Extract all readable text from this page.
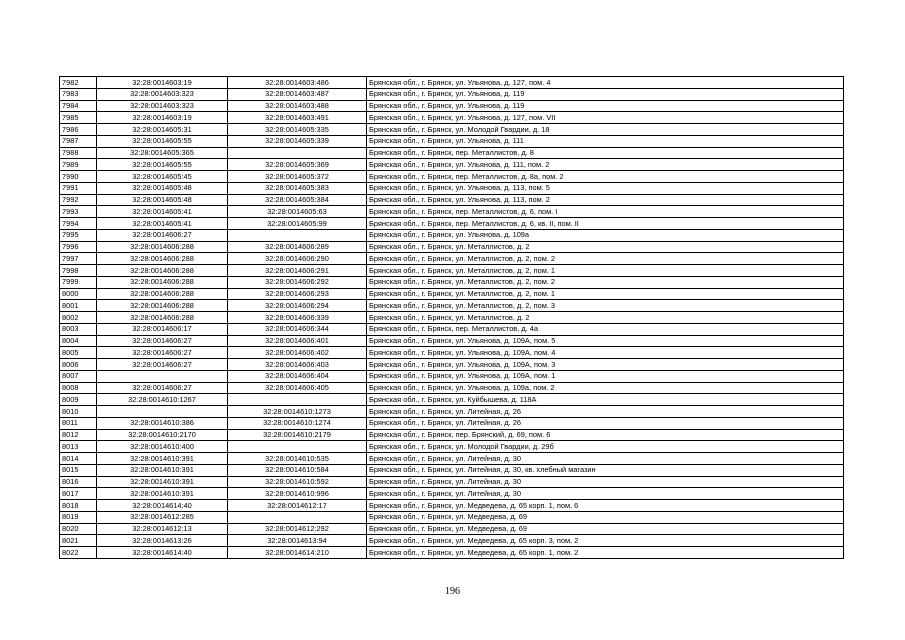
7982	32:28:0014603:19	32:28:0014603:486	Брянская обл., г. Брянск, ул. Ульянова, д. 127, пом. 4
7983	32:28:0014603:323	32:28:0014603:487	Брянская обл., г. Брянск, ул. Ульянова, д. 119
7984	32:28:0014603:323	32:28:0014603:488	Брянская обл., г. Брянск, ул. Ульянова, д. 119
7985	32:28:0014603:19	32:28:0014603:491	Брянская обл., г. Брянск, ул. Ульянова, д. 127, пом. VII
7986	32:28:0014605:31	32:28:0014605:335	Брянская обл., г. Брянск, ул. Молодой Гвардии, д. 18
7987	32:28:0014605:55	32:28:0014605:339	Брянская обл., г. Брянск, ул. Ульянова, д. 111
7988	32:28:0014605:365		Брянская обл., г. Брянск, пер. Металлистов, д. 8
7989	32:28:0014605:55	32:28:0014605:369	Брянская обл., г. Брянск, ул. Ульянова, д. 111, пом. 2
7990	32:28:0014605:45	32:28:0014605:372	Брянская обл., г. Брянск, пер. Металлистов, д. 8а, пом. 2
7991	32:28:0014605:48	32:28:0014605:383	Брянская обл., г. Брянск, ул. Ульянова, д. 113, пом. 5
7992	32:28:0014605:48	32:28:0014605:384	Брянская обл., г. Брянск, ул. Ульянова, д. 113, пом. 2
7993	32:28:0014605:41	32:28:0014605:63	Брянская обл., г. Брянск, пер. Металлистов, д. 6, пом. I
7994	32:28:0014605:41	32:28:0014605:99	Брянская обл., г. Брянск, пер. Металлистов, д. 6, кв. II, пом. II
7995	32:28:0014606:27		Брянская обл., г. Брянск, ул. Ульянова, д. 109а
7996	32:28:0014606:288	32:28:0014606:289	Брянская обл., г. Брянск, ул. Металлистов, д. 2
7997	32:28:0014606:288	32:28:0014606:290	Брянская обл., г. Брянск, ул. Металлистов, д. 2, пом. 2
7998	32:28:0014606:288	32:28:0014606:291	Брянская обл., г. Брянск, ул. Металлистов, д. 2, пом. 1
7999	32:28:0014606:288	32:28:0014606:292	Брянская обл., г. Брянск, ул. Металлистов, д. 2, пом. 2
8000	32:28:0014606:288	32:28:0014606:293	Брянская обл., г. Брянск, ул. Металлистов, д. 2, пом. 1
8001	32:28:0014606:288	32:28:0014606:294	Брянская обл., г. Брянск, ул. Металлистов, д. 2, пом. 3
8002	32:28:0014606:288	32:28:0014606:339	Брянская обл., г. Брянск, ул. Металлистов, д. 2
8003	32:28:0014606:17	32:28:0014606:344	Брянская обл., г. Брянск, пер. Металлистов, д. 4а
8004	32:28:0014606:27	32:28:0014606:401	Брянская обл., г. Брянск, ул. Ульянова, д. 109А, пом. 5
8005	32:28:0014606:27	32:28:0014606:402	Брянская обл., г. Брянск, ул. Ульянова, д. 109А, пом. 4
8006	32:28:0014606:27	32:28:0014606:403	Брянская обл., г. Брянск, ул. Ульянова, д. 109А, пом. 3
8007		32:28:0014606:404	Брянская обл., г. Брянск, ул. Ульянова, д. 109А, пом. 1
8008	32:28:0014606:27	32:28:0014606:405	Брянская обл., г. Брянск, ул. Ульянова, д. 109а, пом. 2
8009	32:28:0014610:1267		Брянская обл., г. Брянск, ул. Куйбышева, д. 118А
8010		32:28:0014610:1273	Брянская обл., г. Брянск, ул. Литейная, д. 26
8011	32:28:0014610:386	32:28:0014610:1274	Брянская обл., г. Брянск, ул. Литейная, д. 26
8012	32:28:0014610:2170	32:28:0014610:2179	Брянская обл., г. Брянск, пер. Брянский, д. 69, пом. 6
8013	32:28:0014610:400		Брянская обл., г. Брянск, ул. Молодой Гвардии, д. 29б
8014	32:28:0014610:391	32:28:0014610:535	Брянская обл., г. Брянск, ул. Литейная, д. 30
8015	32:28:0014610:391	32:28:0014610:584	Брянская обл., г. Брянск, ул. Литейная, д. 30, кв. хлебный магазин
8016	32:28:0014610:391	32:28:0014610:592	Брянская обл., г. Брянск, ул. Литейная, д. 30
8017	32:28:0014610:391	32:28:0014610:996	Брянская обл., г. Брянск, ул. Литейная, д. 30
8018	32:28:0014614:40	32:28:0014612:17	Брянская обл., г. Брянск, ул. Медведева, д. 65 корп. 1, пом. 6
8019	32:28:0014612:285		Брянская обл., г. Брянск, ул. Медведева, д. 69
8020	32:28:0014612:13	32:28:0014612:292	Брянская обл., г. Брянск, ул. Медведева, д. 69
8021	32:28:0014613:26	32:28:0014613:94	Брянская обл., г. Брянск, ул. Медведева, д. 65 корп. 3, пом. 2
8022	32:28:0014614:40	32:28:0014614:210	Брянская обл., г. Брянск, ул. Медведева, д. 65 корп. 1, пом. 2
196
